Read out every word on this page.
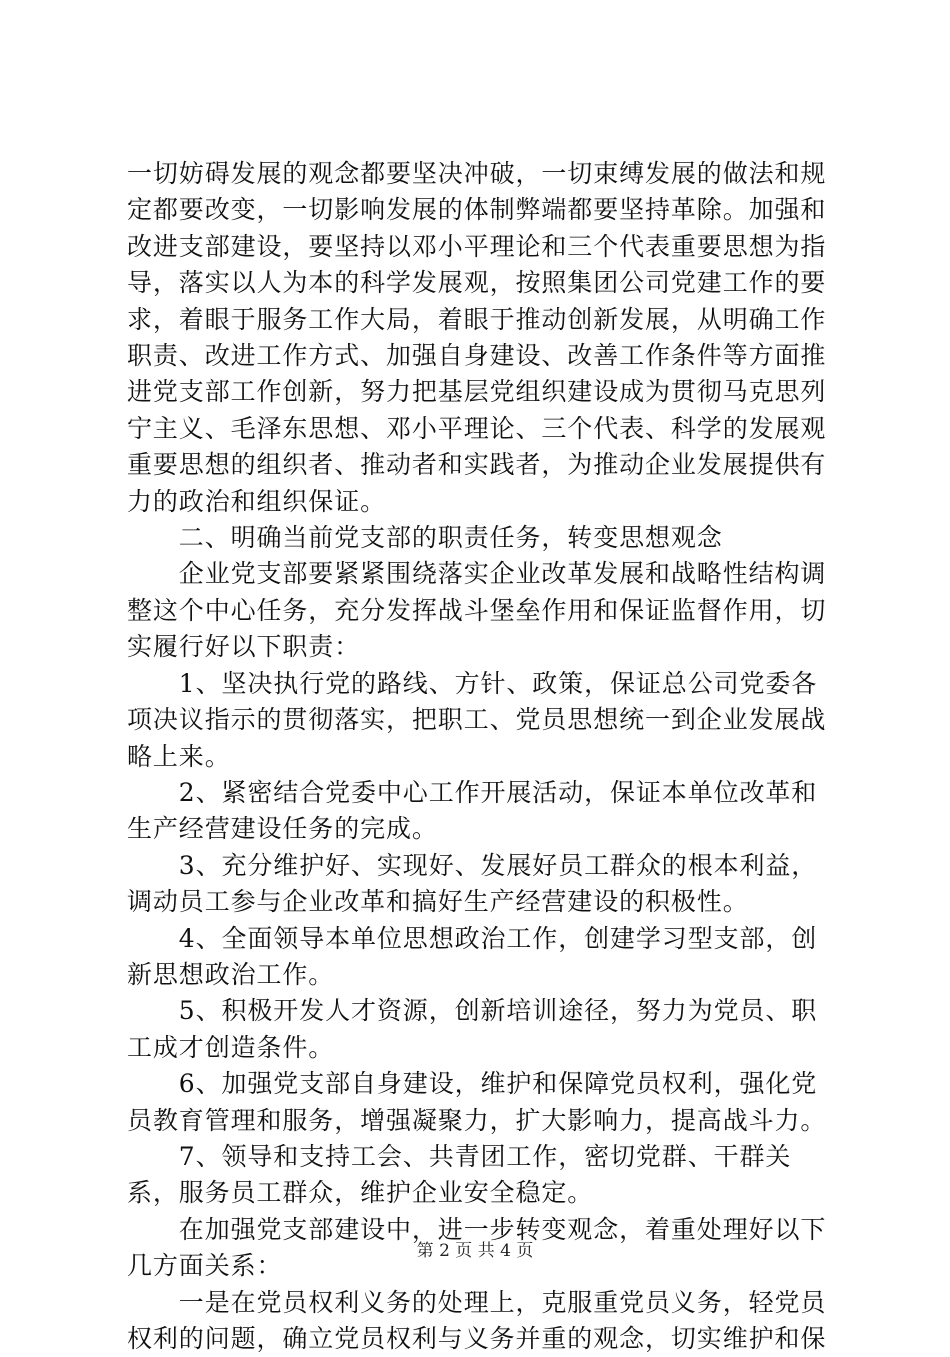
一切妨碍发展的观念都要坚决冲破，一切束缚发展的做法和规定都要改变，一切影响发展的体制弊端都要坚持革除。加强和改进支部建设，要坚持以邓小平理论和三个代表重要思想为指导，落实以人为本的科学发展观，按照集团公司党建工作的要求，着眼于服务工作大局，着眼于推动创新发展，从明确工作职责、改进工作方式、加强自身建设、改善工作条件等方面推进党支部工作创新，努力把基层党组织建设成为贯彻马克思列宁主义、毛泽东思想、邓小平理论、三个代表、科学的发展观重要思想的组织者、推动者和实践者，为推动企业发展提供有力的政治和组织保证。

　　二、明确当前党支部的职责任务，转变思想观念

　　企业党支部要紧紧围绕落实企业改革发展和战略性结构调整这个中心任务，充分发挥战斗堡垒作用和保证监督作用，切实履行好以下职责：

　　1、坚决执行党的路线、方针、政策，保证总公司党委各项决议指示的贯彻落实，把职工、党员思想统一到企业发展战略上来。

　　2、紧密结合党委中心工作开展活动，保证本单位改革和生产经营建设任务的完成。

　　3、充分维护好、实现好、发展好员工群众的根本利益，调动员工参与企业改革和搞好生产经营建设的积极性。

　　4、全面领导本单位思想政治工作，创建学习型支部，创新思想政治工作。

　　5、积极开发人才资源，创新培训途径，努力为党员、职工成才创造条件。

　　6、加强党支部自身建设，维护和保障党员权利，强化党员教育管理和服务，增强凝聚力，扩大影响力，提高战斗力。

　　7、领导和支持工会、共青团工作，密切党群、干群关系，服务员工群众，维护企业安全稳定。

　　在加强党支部建设中，进一步转变观念，着重处理好以下几方面关系：

　　一是在党员权利义务的处理上，克服重党员义务，轻党员权利的问题，确立党员权利与义务并重的观念，切实维护和保

第 2 页 共 4 页
